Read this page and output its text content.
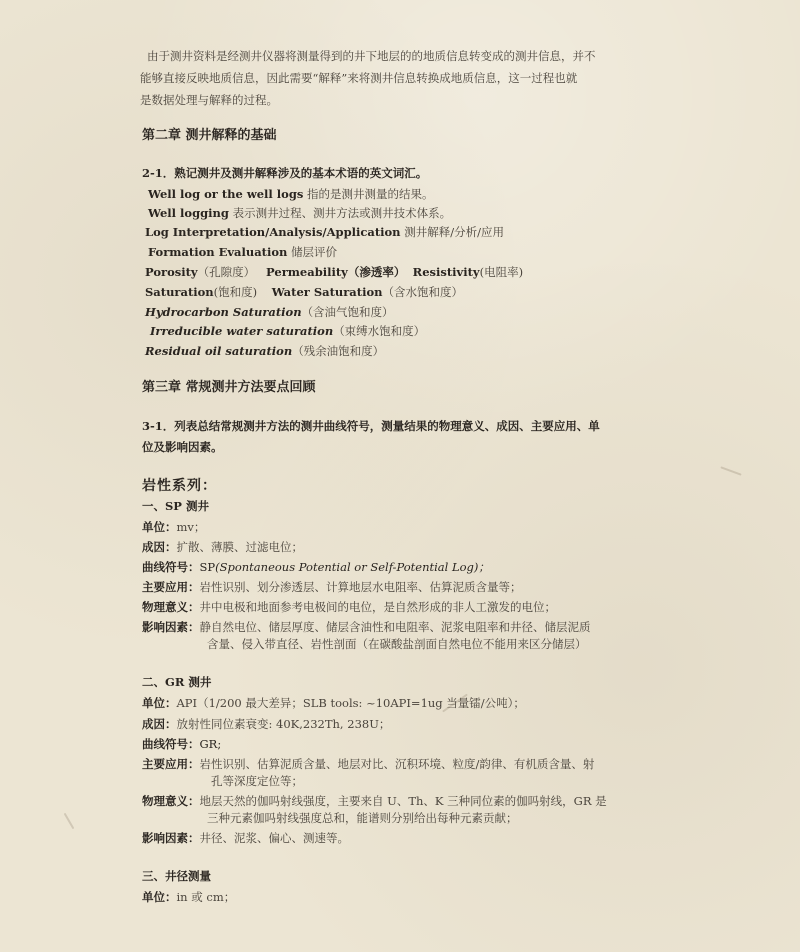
由于测井资料是经测井仪器将测量得到的井下地层的的地质信息转变成的测井信息，并不
能够直接反映地质信息，因此需要“解释”来将测井信息转换成地质信息，这一过程也就
是数据处理与解释的过程。
第二章 测井解释的基础
2-1．熟记测井及测井解释涉及的基本术语的英文词汇。
Well log or the well logs 指的是测井测量的结果。
Well logging 表示测井过程、测井方法或测井技术体系。
Log Interpretation/Analysis/Application 测井解释/分析/应用
Formation Evaluation 储层评价
Porosity（孔隙度） Permeability（渗透率） Resistivity(电阻率)
Saturation(饱和度) Water Saturation（含水饱和度）
Hydrocarbon Saturation（含油气饱和度）
Irreducible water saturation（束缚水饱和度）
Residual oil saturation（残余油饱和度）
第三章 常规测井方法要点回顾
3-1．列表总结常规测井方法的测井曲线符号，测量结果的物理意义、成因、主要应用、单
位及影响因素。
岩性系列：
一、SP 测井
单位：mv；
成因：扩散、薄膜、过滤电位；
曲线符号：SP(Spontaneous Potential or Self-Potential Log)；
主要应用：岩性识别、划分渗透层、计算地层水电阻率、估算泥质含量等；
物理意义：井中电极和地面参考电极间的电位，是自然形成的非人工激发的电位；
影响因素：静自然电位、储层厚度、储层含油性和电阻率、泥浆电阻率和井径、储层泥质
含量、侵入带直径、岩性剖面（在碳酸盐剖面自然电位不能用来区分储层）
二、GR 测井
单位：API（1/200 最大差异；SLB tools: ~10API=1ug 当量镭/公吨）；
成因：放射性同位素衰变: 40K,232Th, 238U；
曲线符号：GR;
主要应用：岩性识别、估算泥质含量、地层对比、沉积环境、粒度/韵律、有机质含量、射
孔等深度定位等；
物理意义：地层天然的伽吗射线强度，主要来自 U、Th、K 三种同位素的伽吗射线，GR 是
三种元素伽吗射线强度总和，能谱则分别给出每种元素贡献；
影响因素：井径、泥浆、偏心、测速等。
三、井径测量
单位：in 或 cm；
